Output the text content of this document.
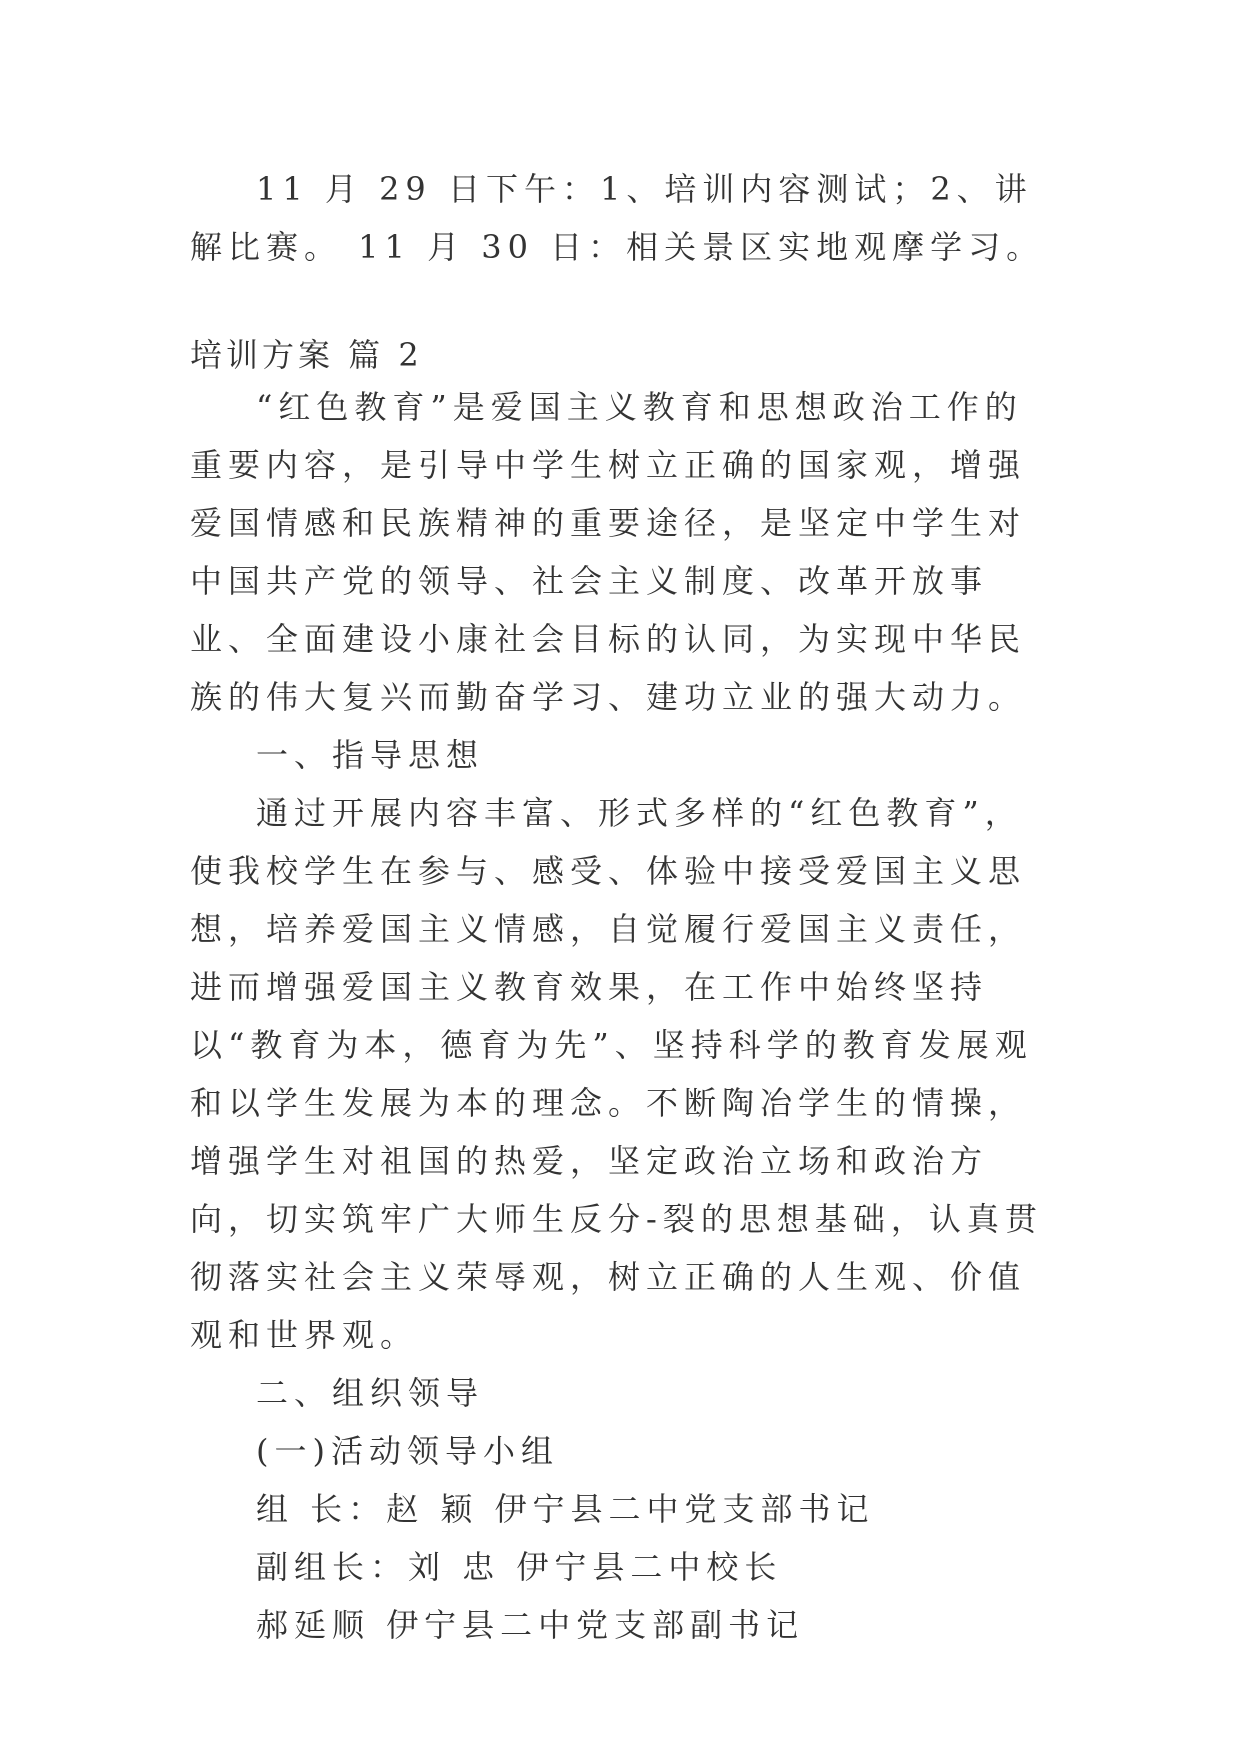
11 月 29 日下午：1、培训内容测试；2、讲解比赛。 11 月 30 日：相关景区实地观摩学习。

培训方案 篇 2

“红色教育”是爱国主义教育和思想政治工作的重要内容，是引导中学生树立正确的国家观，增强爱国情感和民族精神的重要途径，是坚定中学生对中国共产党的领导、社会主义制度、改革开放事业、全面建设小康社会目标的认同，为实现中华民族的伟大复兴而勤奋学习、建功立业的强大动力。

一、指导思想

通过开展内容丰富、形式多样的“红色教育”，使我校学生在参与、感受、体验中接受爱国主义思想，培养爱国主义情感，自觉履行爱国主义责任，进而增强爱国主义教育效果，在工作中始终坚持以“教育为本，德育为先”、坚持科学的教育发展观和以学生发展为本的理念。不断陶冶学生的情操，增强学生对祖国的热爱，坚定政治立场和政治方向，切实筑牢广大师生反分-裂的思想基础，认真贯彻落实社会主义荣辱观，树立正确的人生观、价值观和世界观。

二、组织领导

(一)活动领导小组

组 长：赵 颖 伊宁县二中党支部书记

副组长：刘 忠 伊宁县二中校长

郝延顺 伊宁县二中党支部副书记
